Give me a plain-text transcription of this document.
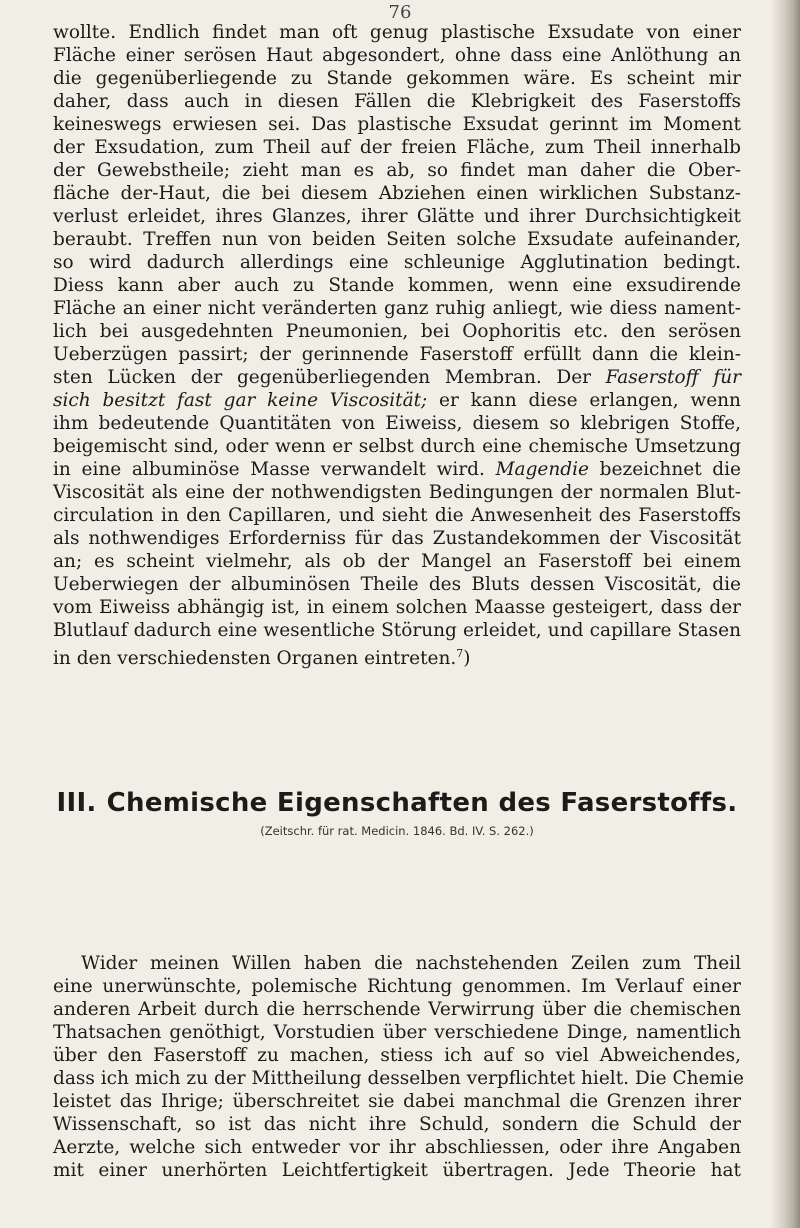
76
wollte. Endlich findet man oft genug plastische Exsudate von einer
Fläche einer serösen Haut abgesondert, ohne dass eine Anlöthung an
die gegenüberliegende zu Stande gekommen wäre. Es scheint mir
daher, dass auch in diesen Fällen die Klebrigkeit des Faserstoffs
keineswegs erwiesen sei. Das plastische Exsudat gerinnt im Moment
der Exsudation, zum Theil auf der freien Fläche, zum Theil innerhalb
der Gewebstheile; zieht man es ab, so findet man daher die Ober-
fläche der-Haut, die bei diesem Abziehen einen wirklichen Substanz-
verlust erleidet, ihres Glanzes, ihrer Glätte und ihrer Durchsichtigkeit
beraubt. Treffen nun von beiden Seiten solche Exsudate aufeinander,
so wird dadurch allerdings eine schleunige Agglutination bedingt.
Diess kann aber auch zu Stande kommen, wenn eine exsudirende
Fläche an einer nicht veränderten ganz ruhig anliegt, wie diess nament-
lich bei ausgedehnten Pneumonien, bei Oophoritis etc. den serösen
Ueberzügen passirt; der gerinnende Faserstoff erfüllt dann die klein-
sten Lücken der gegenüberliegenden Membran. Der Faserstoff für
sich besitzt fast gar keine Viscosität; er kann diese erlangen, wenn
ihm bedeutende Quantitäten von Eiweiss, diesem so klebrigen Stoffe,
beigemischt sind, oder wenn er selbst durch eine chemische Umsetzung
in eine albuminöse Masse verwandelt wird. Magendie bezeichnet die
Viscosität als eine der nothwendigsten Bedingungen der normalen Blut-
circulation in den Capillaren, und sieht die Anwesenheit des Faserstoffs
als nothwendiges Erforderniss für das Zustandekommen der Viscosität
an; es scheint vielmehr, als ob der Mangel an Faserstoff bei einem
Ueberwiegen der albuminösen Theile des Bluts dessen Viscosität, die
vom Eiweiss abhängig ist, in einem solchen Maasse gesteigert, dass der
Blutlauf dadurch eine wesentliche Störung erleidet, und capillare Stasen
in den verschiedensten Organen eintreten.$^7$)
III. Chemische Eigenschaften des Faserstoffs.
(Zeitschr. für rat. Medicin. 1846. Bd. IV. S. 262.)
Wider meinen Willen haben die nachstehenden Zeilen zum Theil
eine unerwünschte, polemische Richtung genommen. Im Verlauf einer
anderen Arbeit durch die herrschende Verwirrung über die chemischen
Thatsachen genöthigt, Vorstudien über verschiedene Dinge, namentlich
über den Faserstoff zu machen, stiess ich auf so viel Abweichendes,
dass ich mich zu der Mittheilung desselben verpflichtet hielt. Die Chemie
leistet das Ihrige; überschreitet sie dabei manchmal die Grenzen ihrer
Wissenschaft, so ist das nicht ihre Schuld, sondern die Schuld der
Aerzte, welche sich entweder vor ihr abschliessen, oder ihre Angaben
mit einer unerhörten Leichtfertigkeit übertragen. Jede Theorie hat
